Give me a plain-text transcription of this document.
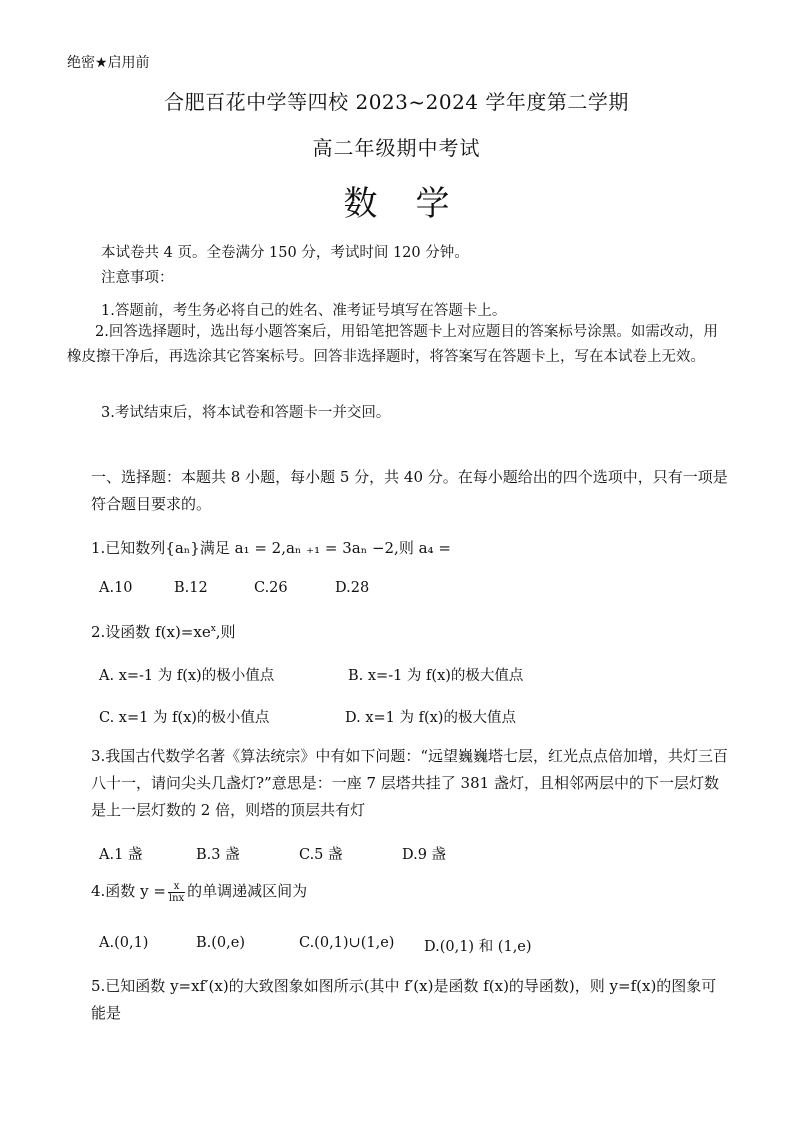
绝密★启用前
合肥百花中学等四校 2023~2024 学年度第二学期
高二年级期中考试
数学
本试卷共 4 页。全卷满分 150 分，考试时间 120 分钟。
注意事项：
1.答题前，考生务必将自己的姓名、准考证号填写在答题卡上。
2.回答选择题时，选出每小题答案后，用铅笔把答题卡上对应题目的答案标号涂黑。如需改动，用橡皮擦干净后，再选涂其它答案标号。回答非选择题时，将答案写在答题卡上，写在本试卷上无效。
3.考试结束后，将本试卷和答题卡一并交回。
一、选择题：本题共 8 小题，每小题 5 分，共 40 分。在每小题给出的四个选项中，只有一项是符合题目要求的。
1.已知数列{aₙ}满足 a₁ = 2,aₙ ₊₁ = 3aₙ −2,则 a₄ =
A.10	B.12	C.26	D.28
2.设函数 $f(x)=xe^x$,则
A. x=-1 为 f(x)的极小值点	B. x=-1 为 f(x)的极大值点
C. x=1 为 f(x)的极小值点	D. x=1 为 f(x)的极大值点
3.我国古代数学名著《算法统宗》中有如下问题：“远望巍巍塔七层，红光点点倍加增，共灯三百八十一，请问尖头几盏灯?”意思是：一座 7 层塔共挂了 381 盏灯，且相邻两层中的下一层灯数是上一层灯数的 2 倍，则塔的顶层共有灯
A.1 盏	B.3 盏	C.5 盏	D.9 盏
4.函数 $y = \frac{x}{\ln x}$ 的单调递减区间为
A.(0,1)	B.(0,e)	C.(0,1)∪(1,e) D.(0,1) 和 (1,e)
5.已知函数 y=xf′(x)的大致图象如图所示(其中 f′(x)是函数 f(x)的导函数)，则 y=f(x)的图象可能是
